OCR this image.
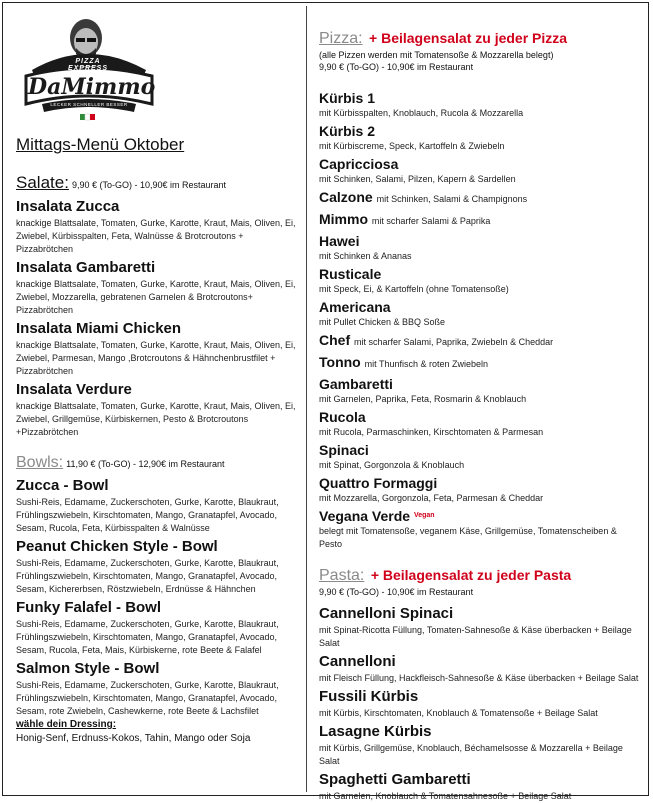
PIZZA EXPRESS
DaMimmo
LECKER SCHNELLER BESSER
Mittags-Menü Oktober
Salate: 9,90 € (To-GO) - 10,90€ im Restaurant
Insalata Zucca
knackige Blattsalate, Tomaten, Gurke, Karotte, Kraut, Mais, Oliven, Ei, Zwiebel, Kürbisspalten, Feta, Walnüsse & Brotcroutons + Pizzabrötchen
Insalata Gambaretti
knackige Blattsalate, Tomaten, Gurke, Karotte, Kraut, Mais, Oliven, Ei, Zwiebel, Mozzarella, gebratenen Garnelen & Brotcroutons+ Pizzabrötchen
Insalata Miami Chicken
knackige Blattsalate, Tomaten, Gurke, Karotte, Kraut, Mais, Oliven, Ei, Zwiebel, Parmesan, Mango ,Brotcroutons & Hähnchenbrustfilet + Pizzabrötchen
Insalata Verdure
knackige Blattsalate, Tomaten, Gurke, Karotte, Kraut, Mais, Oliven, Ei, Zwiebel, Grillgemüse, Kürbiskernen, Pesto & Brotcroutons +Pizzabrötchen
Bowls: 11,90 € (To-GO) - 12,90€ im Restaurant
Zucca - Bowl
Sushi-Reis, Edamame, Zuckerschoten, Gurke, Karotte, Blaukraut, Frühlingszwiebeln, Kirschtomaten, Mango, Granatapfel, Avocado, Sesam, Rucola, Feta, Kürbisspalten & Walnüsse
Peanut Chicken Style - Bowl
Sushi-Reis, Edamame, Zuckerschoten, Gurke, Karotte, Blaukraut, Frühlingszwiebeln, Kirschtomaten, Mango, Granatapfel, Avocado, Sesam, Kichererbsen, Röstzwiebeln, Erdnüsse & Hähnchen
Funky Falafel - Bowl
Sushi-Reis, Edamame, Zuckerschoten, Gurke, Karotte, Blaukraut, Frühlingszwiebeln, Kirschtomaten, Mango, Granatapfel, Avocado, Sesam, Rucola, Feta, Mais, Kürbiskerne, rote Beete & Falafel
Salmon Style - Bowl
Sushi-Reis, Edamame, Zuckerschoten, Gurke, Karotte, Blaukraut, Frühlingszwiebeln, Kirschtomaten, Mango, Granatapfel, Avocado, Sesam, rote Zwiebeln, Cashewkerne, rote Beete & Lachsfilet
wähle dein Dressing:
Honig-Senf, Erdnuss-Kokos, Tahin, Mango oder Soja
Pizza: + Beilagensalat zu jeder Pizza
(alle Pizzen werden mit Tomatensoße & Mozzarella belegt)
9,90 € (To-GO) - 10,90€ im Restaurant
Kürbis 1
mit Kürbisspalten, Knoblauch, Rucola & Mozzarella
Kürbis 2
mit Kürbiscreme, Speck, Kartoffeln & Zwiebeln
Capricciosa
mit Schinken, Salami, Pilzen, Kapern & Sardellen
Calzone mit Schinken, Salami & Champignons
Mimmo mit scharfer Salami & Paprika
Hawei
mit Schinken & Ananas
Rusticale
mit Speck, Ei, & Kartoffeln (ohne Tomatensoße)
Americana
mit Pullet Chicken & BBQ Soße
Chef mit scharfer Salami, Paprika, Zwiebeln & Cheddar
Tonno mit Thunfisch & roten Zwiebeln
Gambaretti
mit Garnelen, Paprika, Feta, Rosmarin & Knoblauch
Rucola
mit Rucola, Parmaschinken, Kirschtomaten & Parmesan
Spinaci
mit Spinat, Gorgonzola & Knoblauch
Quattro Formaggi
mit Mozzarella, Gorgonzola, Feta, Parmesan & Cheddar
Vegana Verde $^{Vegan}$
belegt mit Tomatensoße, veganem Käse, Grillgemüse, Tomatenscheiben & Pesto
Pasta: + Beilagensalat zu jeder Pasta
9,90 € (To-GO) - 10,90€ im Restaurant
Cannelloni Spinaci
mit Spinat-Ricotta Füllung, Tomaten-Sahnesoße & Käse überbacken + Beilage Salat
Cannelloni
mit Fleisch Füllung, Hackfleisch-Sahnesoße & Käse überbacken + Beilage Salat
Fussili Kürbis
mit Kürbis, Kirschtomaten, Knoblauch & Tomatensoße + Beilage Salat
Lasagne Kürbis
mit Kürbis, Grillgemüse, Knoblauch, Béchamelsosse & Mozzarella + Beilage Salat
Spaghetti Gambaretti
mit Garnelen, Knoblauch & Tomatensahnesoße + Beilage Salat
